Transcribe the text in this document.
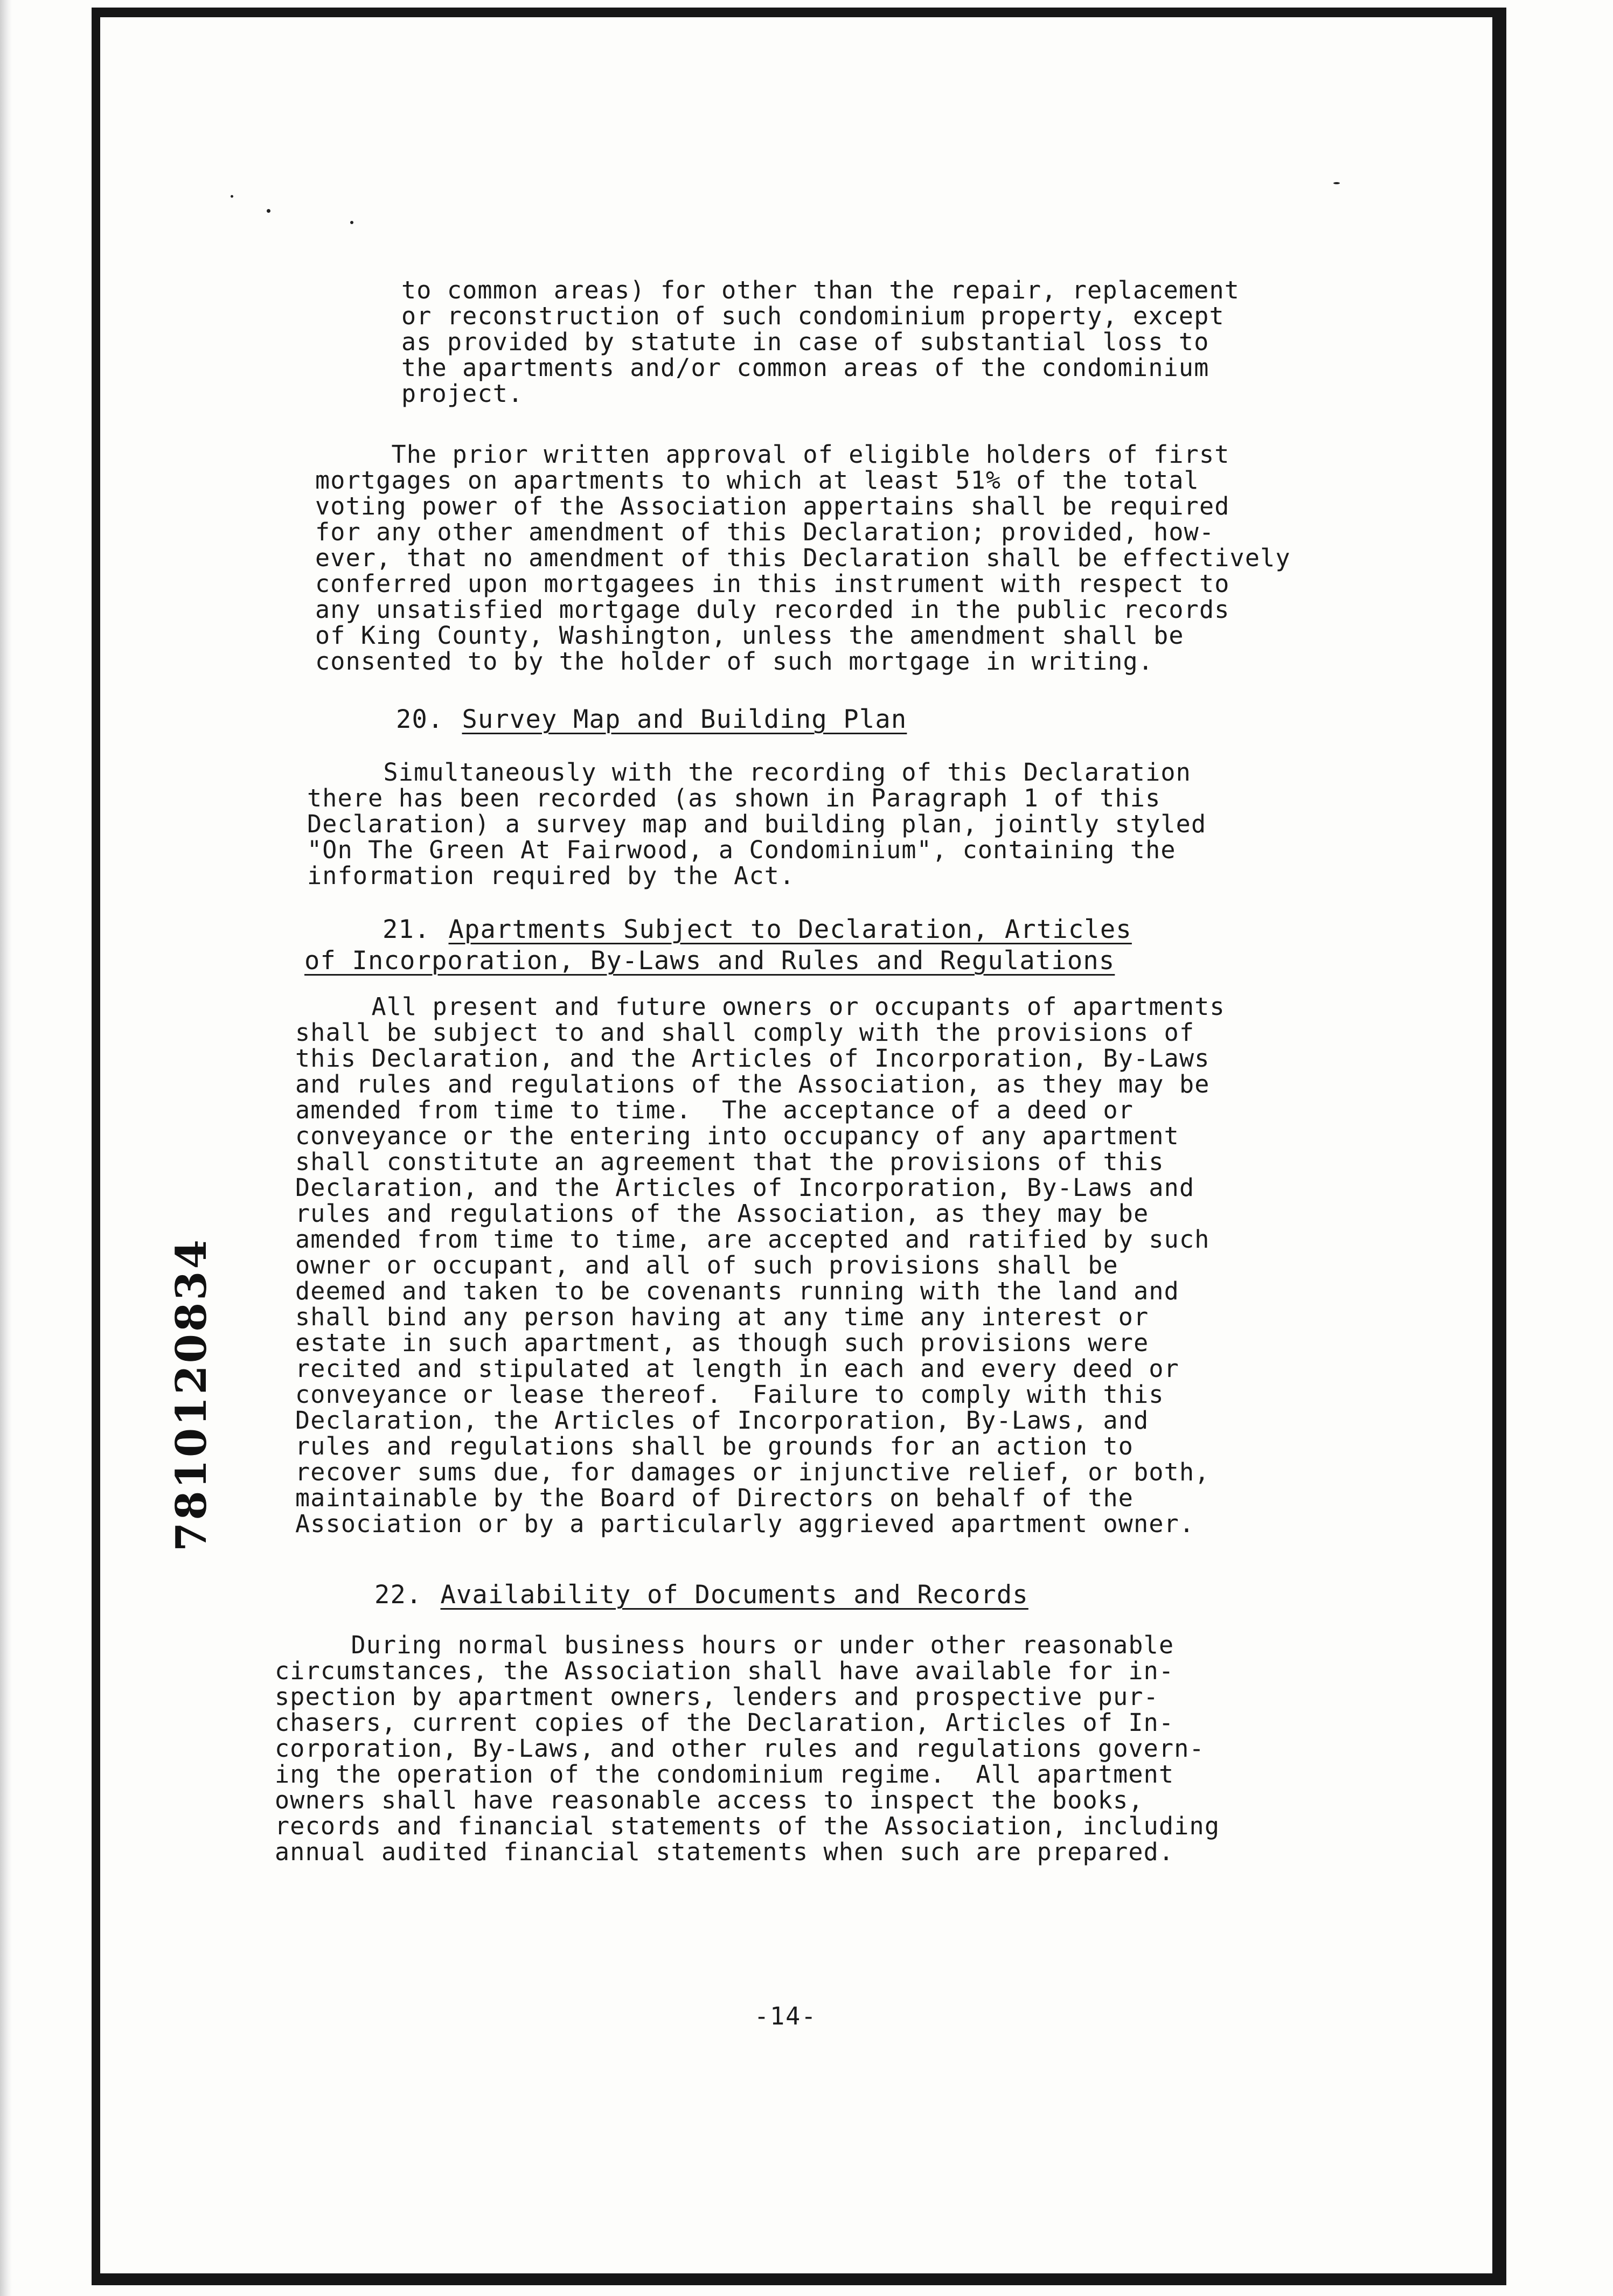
to common areas) for other than the repair, replacement
or reconstruction of such condominium property, except
as provided by statute in case of substantial loss to
the apartments and/or common areas of the condominium
project.
The prior written approval of eligible holders of first
mortgages on apartments to which at least 51% of the total
voting power of the Association appertains shall be required
for any other amendment of this Declaration; provided, how-
ever, that no amendment of this Declaration shall be effectively
conferred upon mortgagees in this instrument with respect to
any unsatisfied mortgage duly recorded in the public records
of King County, Washington, unless the amendment shall be
consented to by the holder of such mortgage in writing.
20. Survey Map and Building Plan
Simultaneously with the recording of this Declaration
there has been recorded (as shown in Paragraph 1 of this
Declaration) a survey map and building plan, jointly styled
"On The Green At Fairwood, a Condominium", containing the
information required by the Act.
21. Apartments Subject to Declaration, Articles
of Incorporation, By-Laws and Rules and Regulations
All present and future owners or occupants of apartments
shall be subject to and shall comply with the provisions of
this Declaration, and the Articles of Incorporation, By-Laws
and rules and regulations of the Association, as they may be
amended from time to time.  The acceptance of a deed or
conveyance or the entering into occupancy of any apartment
shall constitute an agreement that the provisions of this
Declaration, and the Articles of Incorporation, By-Laws and
rules and regulations of the Association, as they may be
amended from time to time, are accepted and ratified by such
owner or occupant, and all of such provisions shall be
deemed and taken to be covenants running with the land and
shall bind any person having at any time any interest or
estate in such apartment, as though such provisions were
recited and stipulated at length in each and every deed or
conveyance or lease thereof.  Failure to comply with this
Declaration, the Articles of Incorporation, By-Laws, and
rules and regulations shall be grounds for an action to
recover sums due, for damages or injunctive relief, or both,
maintainable by the Board of Directors on behalf of the
Association or by a particularly aggrieved apartment owner.
22. Availability of Documents and Records
During normal business hours or under other reasonable
circumstances, the Association shall have available for in-
spection by apartment owners, lenders and prospective pur-
chasers, current copies of the Declaration, Articles of In-
corporation, By-Laws, and other rules and regulations govern-
ing the operation of the condominium regime.  All apartment
owners shall have reasonable access to inspect the books,
records and financial statements of the Association, including
annual audited financial statements when such are prepared.
7810120834
-14-
